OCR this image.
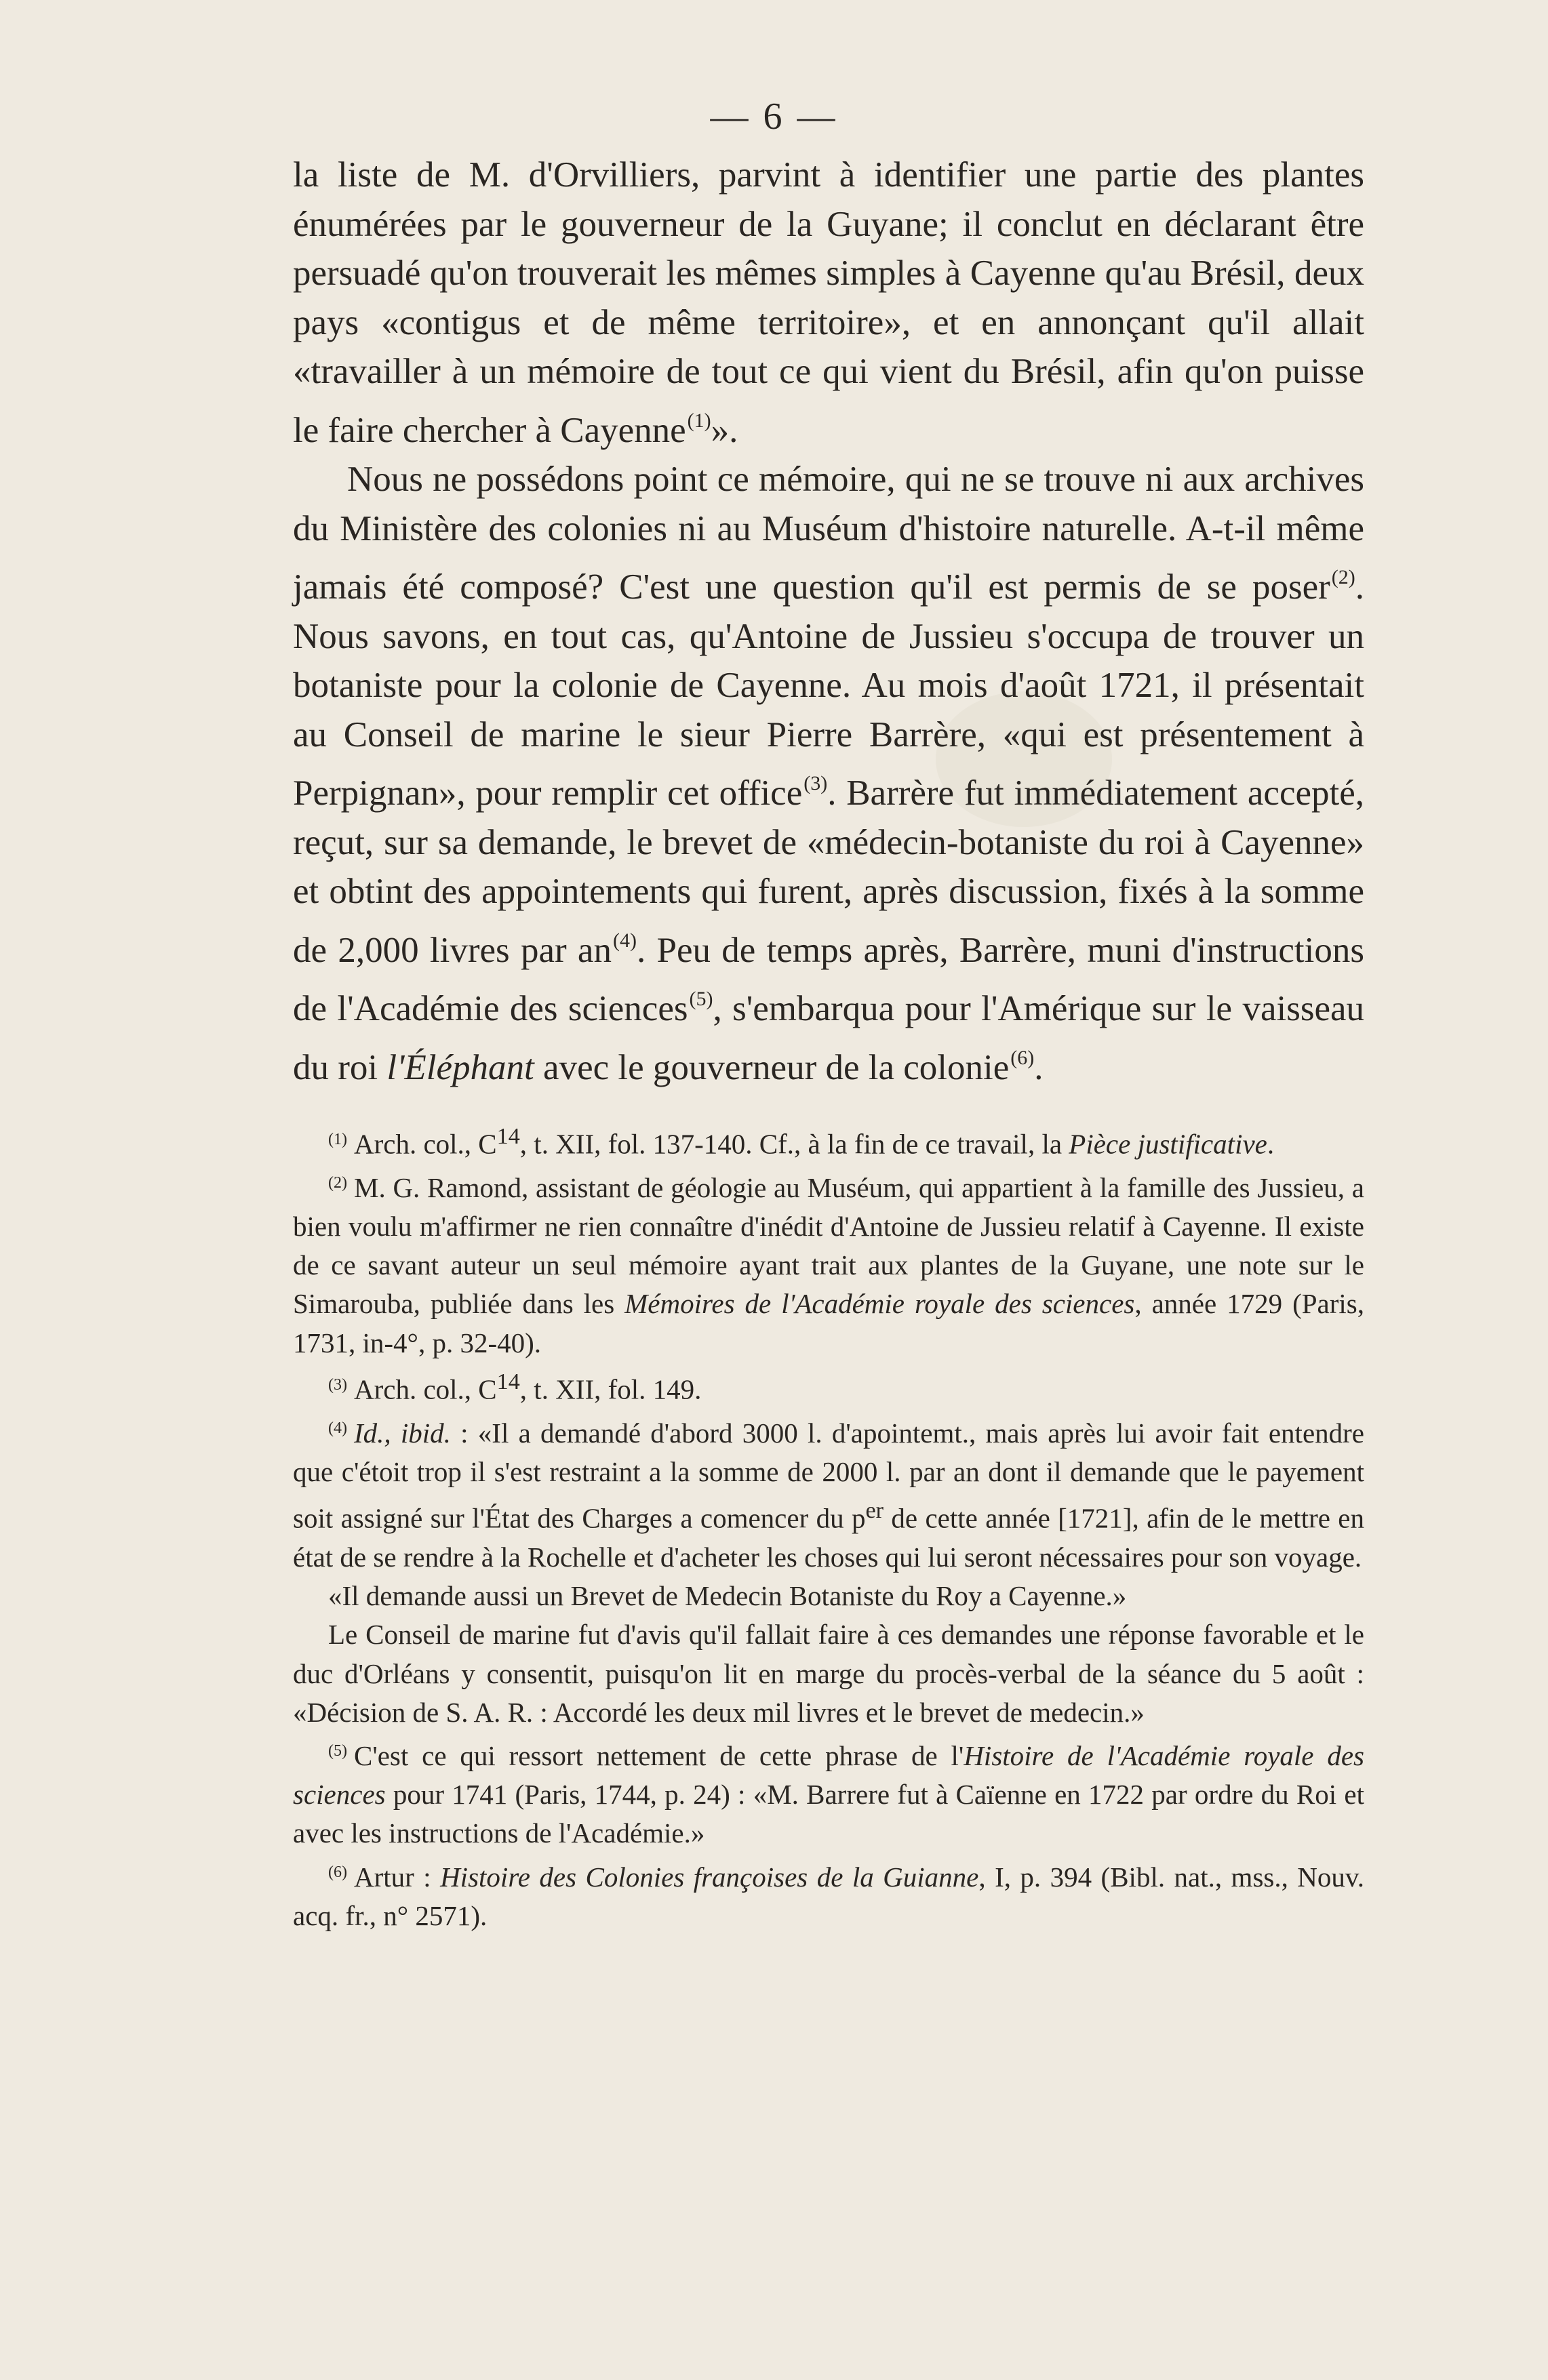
— 6 —

la liste de M. d'Orvilliers, parvint à identifier une partie des plantes énumérées par le gouverneur de la Guyane; il conclut en déclarant être persuadé qu'on trouverait les mêmes simples à Cayenne qu'au Brésil, deux pays «contigus et de même territoire», et en annonçant qu'il allait «travailler à un mémoire de tout ce qui vient du Brésil, afin qu'on puisse le faire chercher à Cayenne$^{(1)}$».

Nous ne possédons point ce mémoire, qui ne se trouve ni aux archives du Ministère des colonies ni au Muséum d'histoire naturelle. A-t-il même jamais été composé? C'est une question qu'il est permis de se poser$^{(2)}$. Nous savons, en tout cas, qu'Antoine de Jussieu s'occupa de trouver un botaniste pour la colonie de Cayenne. Au mois d'août 1721, il présentait au Conseil de marine le sieur Pierre Barrère, «qui est présentement à Perpignan», pour remplir cet office$^{(3)}$. Barrère fut immédiatement accepté, reçut, sur sa demande, le brevet de «médecin-botaniste du roi à Cayenne» et obtint des appointements qui furent, après discussion, fixés à la somme de 2,000 livres par an$^{(4)}$. Peu de temps après, Barrère, muni d'instructions de l'Académie des sciences$^{(5)}$, s'embarqua pour l'Amérique sur le vaisseau du roi l'Éléphant avec le gouverneur de la colonie$^{(6)}$.

$^{(1)}$ Arch. col., $C^{14}$, t. XII, fol. 137-140. Cf., à la fin de ce travail, la Pièce justificative.

$^{(2)}$ M. G. Ramond, assistant de géologie au Muséum, qui appartient à la famille des Jussieu, a bien voulu m'affirmer ne rien connaître d'inédit d'Antoine de Jussieu relatif à Cayenne. Il existe de ce savant auteur un seul mémoire ayant trait aux plantes de la Guyane, une note sur le Simarouba, publiée dans les Mémoires de l'Académie royale des sciences, année 1729 (Paris, 1731, in-4°, p. 32-40).

$^{(3)}$ Arch. col., $C^{14}$, t. XII, fol. 149.

$^{(4)}$ Id., ibid. : «Il a demandé d'abord 3000 l. d'apointemt., mais après lui avoir fait entendre que c'étoit trop il s'est restraint a la somme de 2000 l. par an dont il demande que le payement soit assigné sur l'État des Charges a comencer du $p^{er}$ de cette année [1721], afin de le mettre en état de se rendre à la Rochelle et d'acheter les choses qui lui seront nécessaires pour son voyage.

«Il demande aussi un Brevet de Medecin Botaniste du Roy a Cayenne.»

Le Conseil de marine fut d'avis qu'il fallait faire à ces demandes une réponse favorable et le duc d'Orléans y consentit, puisqu'on lit en marge du procès-verbal de la séance du 5 août : «Décision de S. A. R. : Accordé les deux mil livres et le brevet de medecin.»

$^{(5)}$ C'est ce qui ressort nettement de cette phrase de l'Histoire de l'Académie royale des sciences pour 1741 (Paris, 1744, p. 24) : «M. Barrere fut à Caïenne en 1722 par ordre du Roi et avec les instructions de l'Académie.»

$^{(6)}$ Artur : Histoire des Colonies françoises de la Guianne, I, p. 394 (Bibl. nat., mss., Nouv. acq. fr., n° 2571).
